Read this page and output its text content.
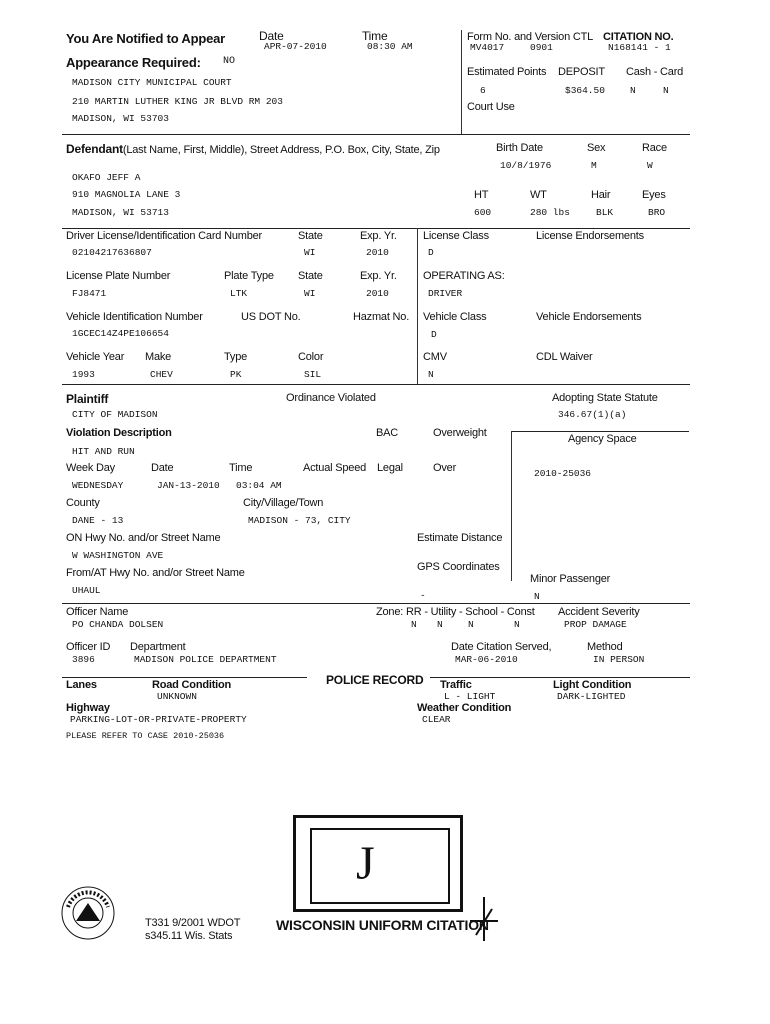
You Are Notified to Appear	Date
APR-07-2010
Time
08:30 AM
Appearance Required: NO
MADISON CITY MUNICIPAL COURT
210 MARTIN LUTHER KING JR BLVD RM 203
MADISON, WI 53703
Form No. and Version CTL
MV4017	0901
CITATION NO.
N168141 - 1
Estimated Points
6
DEPOSIT
$364.50
Cash - Card
N	N
Court Use
Defendant(Last Name, First, Middle), Street Address, P.O. Box, City, State, Zip
OKAFO JEFF A
910 MAGNOLIA LANE 3
MADISON, WI 53713
Birth Date
10/8/1976
Sex
M
Race
W
HT
600
WT
280 lbs
Hair
BLK
Eyes
BRO
Driver License/Identification Card Number
02104217636807
State
WI
Exp. Yr.
2010
License Class
D
License Endorsements
License Plate Number
FJ8471
Plate Type
LTK
State
WI
Exp. Yr.
2010
OPERATING AS:
DRIVER
Vehicle Identification Number
1GCEC14Z4PE106654
US DOT No.	Hazmat No. Vehicle Class
D
Vehicle Endorsements
Vehicle Year
1993
Make
CHEV
Type
PK
Color
SIL
CMV
N
CDL Waiver
Plaintiff
CITY OF MADISON
Ordinance Violated	Adopting State Statute
346.67(1)(a)
Violation Description
HIT AND RUN
BAC	Overweight	Agency Space
2010-25036
Week Day
WEDNESDAY
Date
JAN-13-2010
Time
03:04 AM
Actual Speed Legal	Over
County
DANE - 13
City/Village/Town
MADISON - 73, CITY
ON Hwy No. and/or Street Name
W WASHINGTON AVE
Estimate Distance
GPS Coordinates
-
From/AT Hwy No. and/or Street Name
UHAUL
Minor Passenger
N
Officer Name
PO CHANDA DOLSEN
Zone: RR - Utility - School - Const
N N	N	N
Accident Severity
PROP DAMAGE
Officer ID
3896
Department
MADISON POLICE DEPARTMENT
Date Citation Served,
MAR-06-2010
Method
IN PERSON
POLICE RECORD
Lanes	Road Condition
UNKNOWN
Traffic
L - LIGHT
Light Condition
DARK-LIGHTED
Highway
PARKING-LOT-OR-PRIVATE-PROPERTY
Weather Condition
CLEAR
PLEASE REFER TO CASE 2010-25036
J
T331 9/2001 WDOT
s345.11 Wis. Stats
WISCONSIN UNIFORM CITATION
